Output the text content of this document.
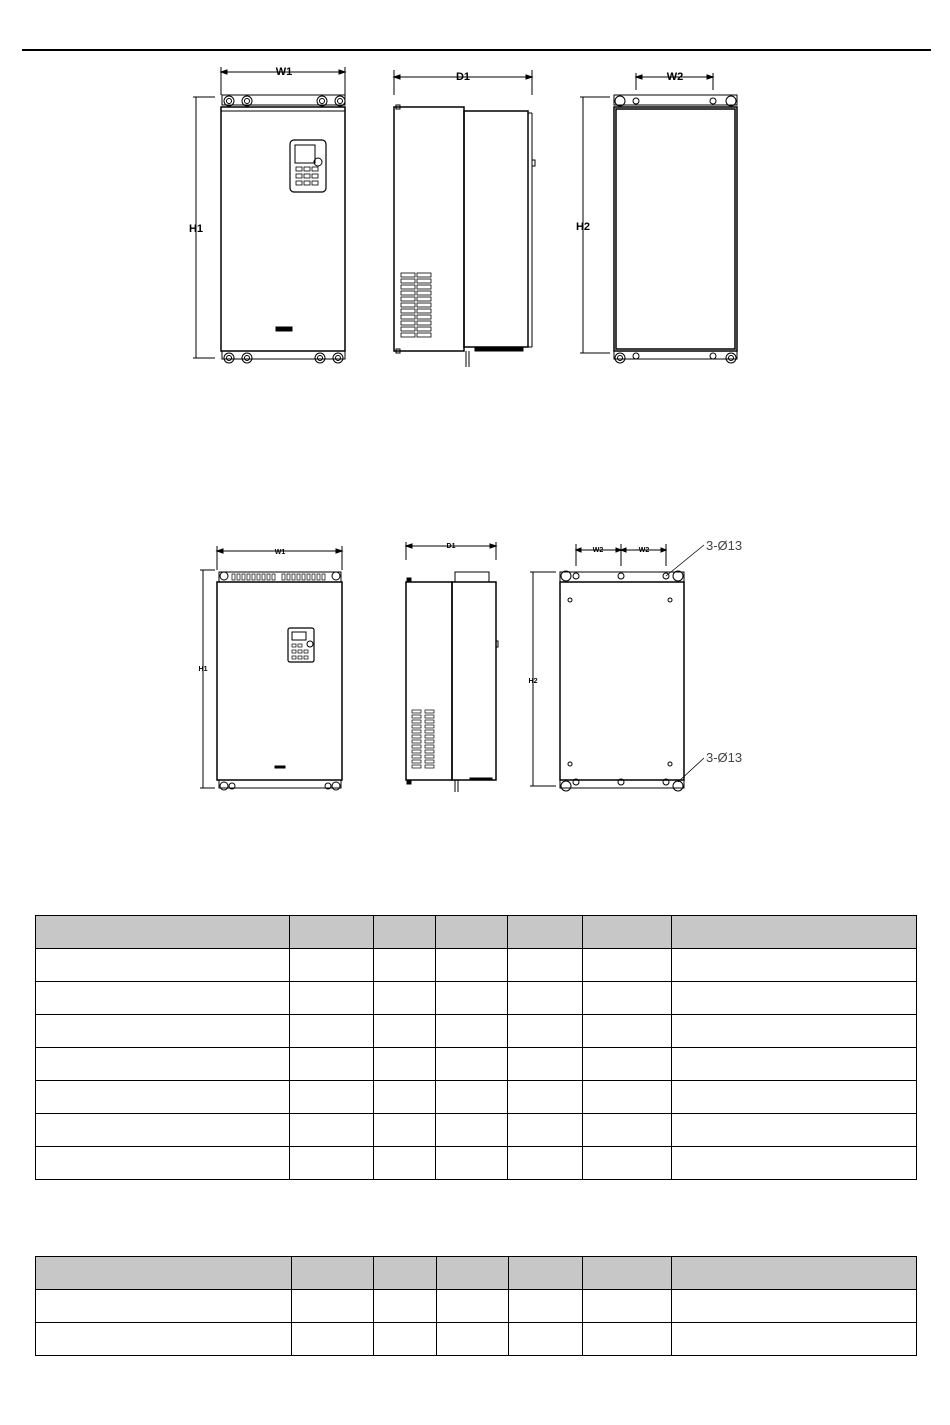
W1	D1	W2
H1	H2
W1
D1
W2	W2
H1
H2
3-Ø13
3-Ø13
